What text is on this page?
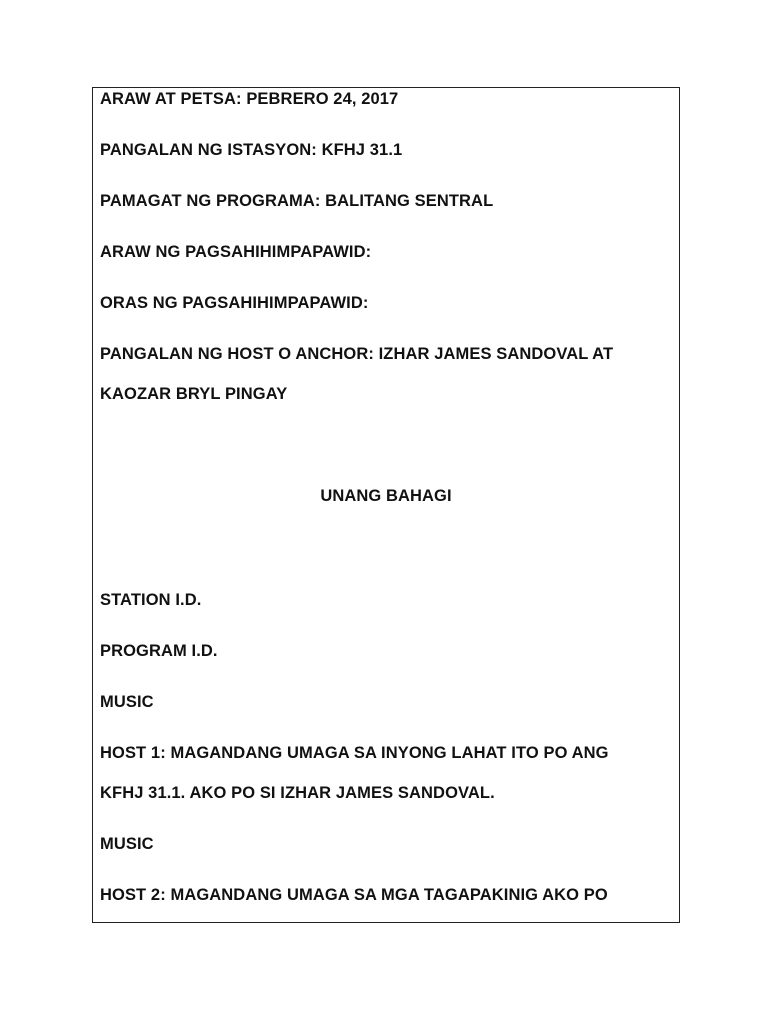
ARAW AT PETSA: PEBRERO 24, 2017
PANGALAN NG ISTASYON: KFHJ 31.1
PAMAGAT NG PROGRAMA: BALITANG SENTRAL
ARAW NG PAGSAHIHIMPAPAWID:
ORAS NG PAGSAHIHIMPAPAWID:
PANGALAN NG HOST O ANCHOR: IZHAR JAMES SANDOVAL AT
KAOZAR BRYL PINGAY
UNANG BAHAGI
STATION I.D.
PROGRAM I.D.
MUSIC
HOST 1: MAGANDANG UMAGA SA INYONG LAHAT ITO PO ANG
KFHJ 31.1. AKO PO SI IZHAR JAMES SANDOVAL.
MUSIC
HOST 2: MAGANDANG UMAGA SA MGA TAGAPAKINIG AKO PO
